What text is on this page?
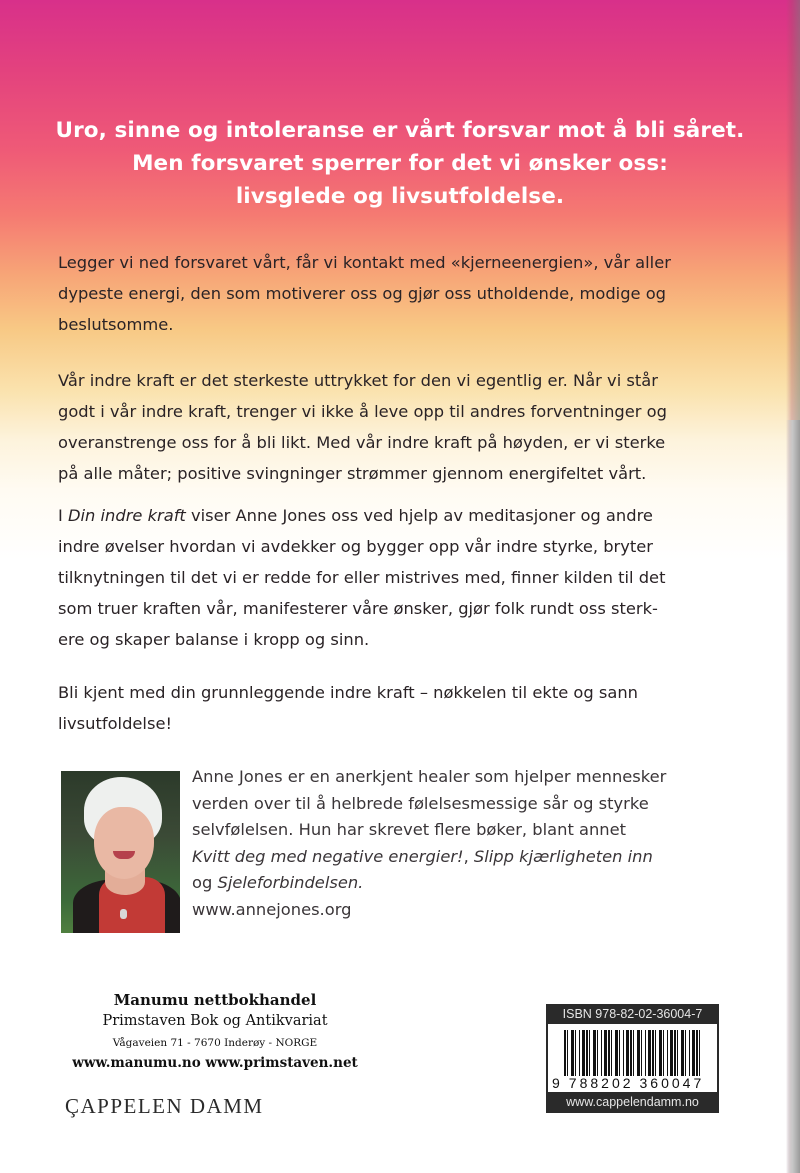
Uro, sinne og intoleranse er vårt forsvar mot å bli såret.
Men forsvaret sperrer for det vi ønsker oss:
livsglede og livsutfoldelse.
Legger vi ned forsvaret vårt, får vi kontakt med «kjerneenergien», vår aller
dypeste energi, den som motiverer oss og gjør oss utholdende, modige og
beslutsomme.
Vår indre kraft er det sterkeste uttrykket for den vi egentlig er. Når vi står
godt i vår indre kraft, trenger vi ikke å leve opp til andres forventninger og
overanstrenge oss for å bli likt. Med vår indre kraft på høyden, er vi sterke
på alle måter; positive svingninger strømmer gjennom energifeltet vårt.
I Din indre kraft viser Anne Jones oss ved hjelp av meditasjoner og andre
indre øvelser hvordan vi avdekker og bygger opp vår indre styrke, bryter
tilknytningen til det vi er redde for eller mistrives med, finner kilden til det
som truer kraften vår, manifesterer våre ønsker, gjør folk rundt oss sterk-
ere og skaper balanse i kropp og sinn.
Bli kjent med din grunnleggende indre kraft – nøkkelen til ekte og sann
livsutfoldelse!
Anne Jones er en anerkjent healer som hjelper mennesker
verden over til å helbrede følelsesmessige sår og styrke
selvfølelsen. Hun har skrevet flere bøker, blant annet
Kvitt deg med negative energier!, Slipp kjærligheten inn
og Sjeleforbindelsen.
www.annejones.org
Manumu nettbokhandel
Primstaven Bok og Antikvariat
Vågaveien 71 - 7670 Inderøy - NORGE
www.manumu.no www.primstaven.net
ÇAPPELEN DAMM
ISBN 978-82-02-36004-7
9 788202 360047
www.cappelendamm.no
